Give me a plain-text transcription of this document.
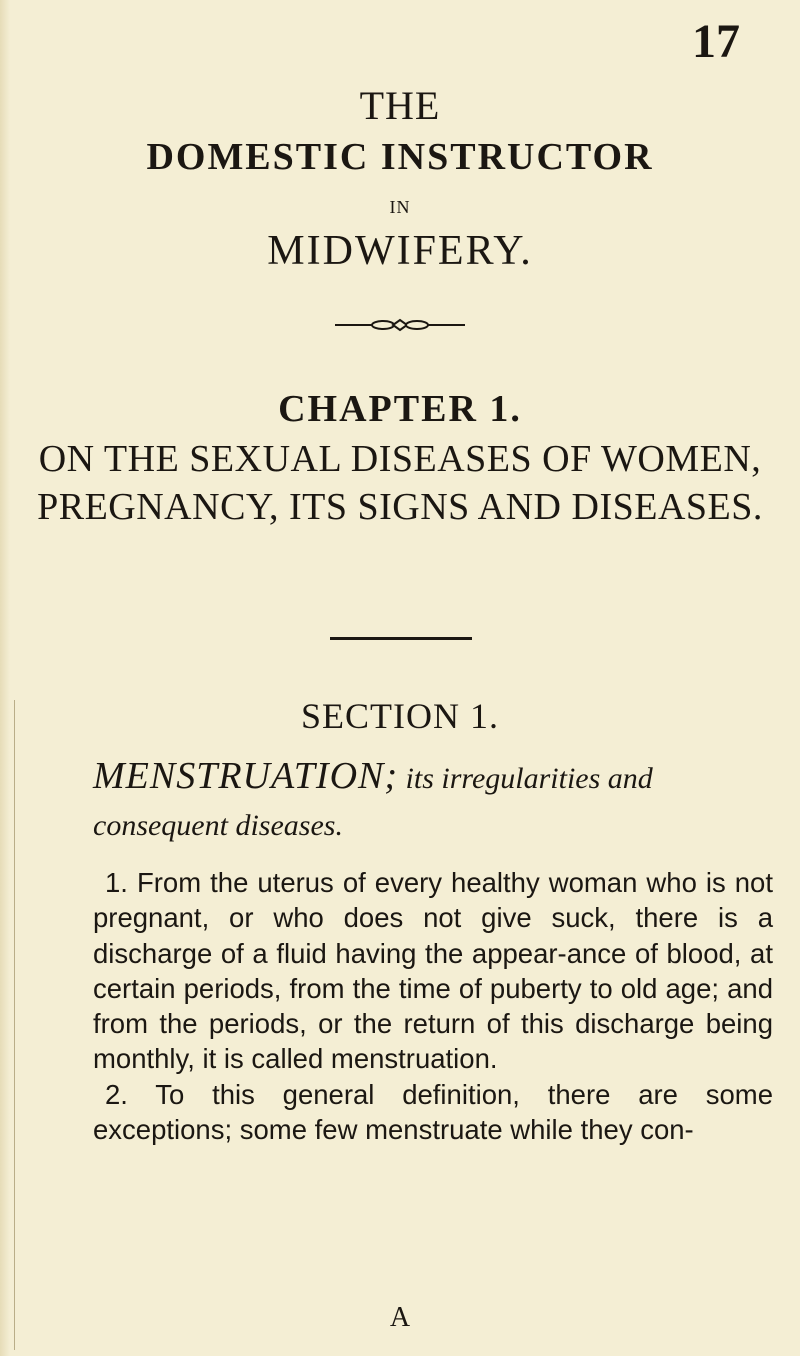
17
THE
DOMESTIC INSTRUCTOR
IN
MIDWIFERY.
CHAPTER 1.
ON THE SEXUAL DISEASES OF WOMEN, PREGNANCY, ITS SIGNS AND DISEASES.
SECTION 1.
MENSTRUATION; its irregularities and consequent diseases.

1. From the uterus of every healthy woman who is not pregnant, or who does not give suck, there is a discharge of a fluid having the appear-ance of blood, at certain periods, from the time of puberty to old age; and from the periods, or the return of this discharge being monthly, it is called menstruation.

2. To this general definition, there are some exceptions; some few menstruate while they con-

A
